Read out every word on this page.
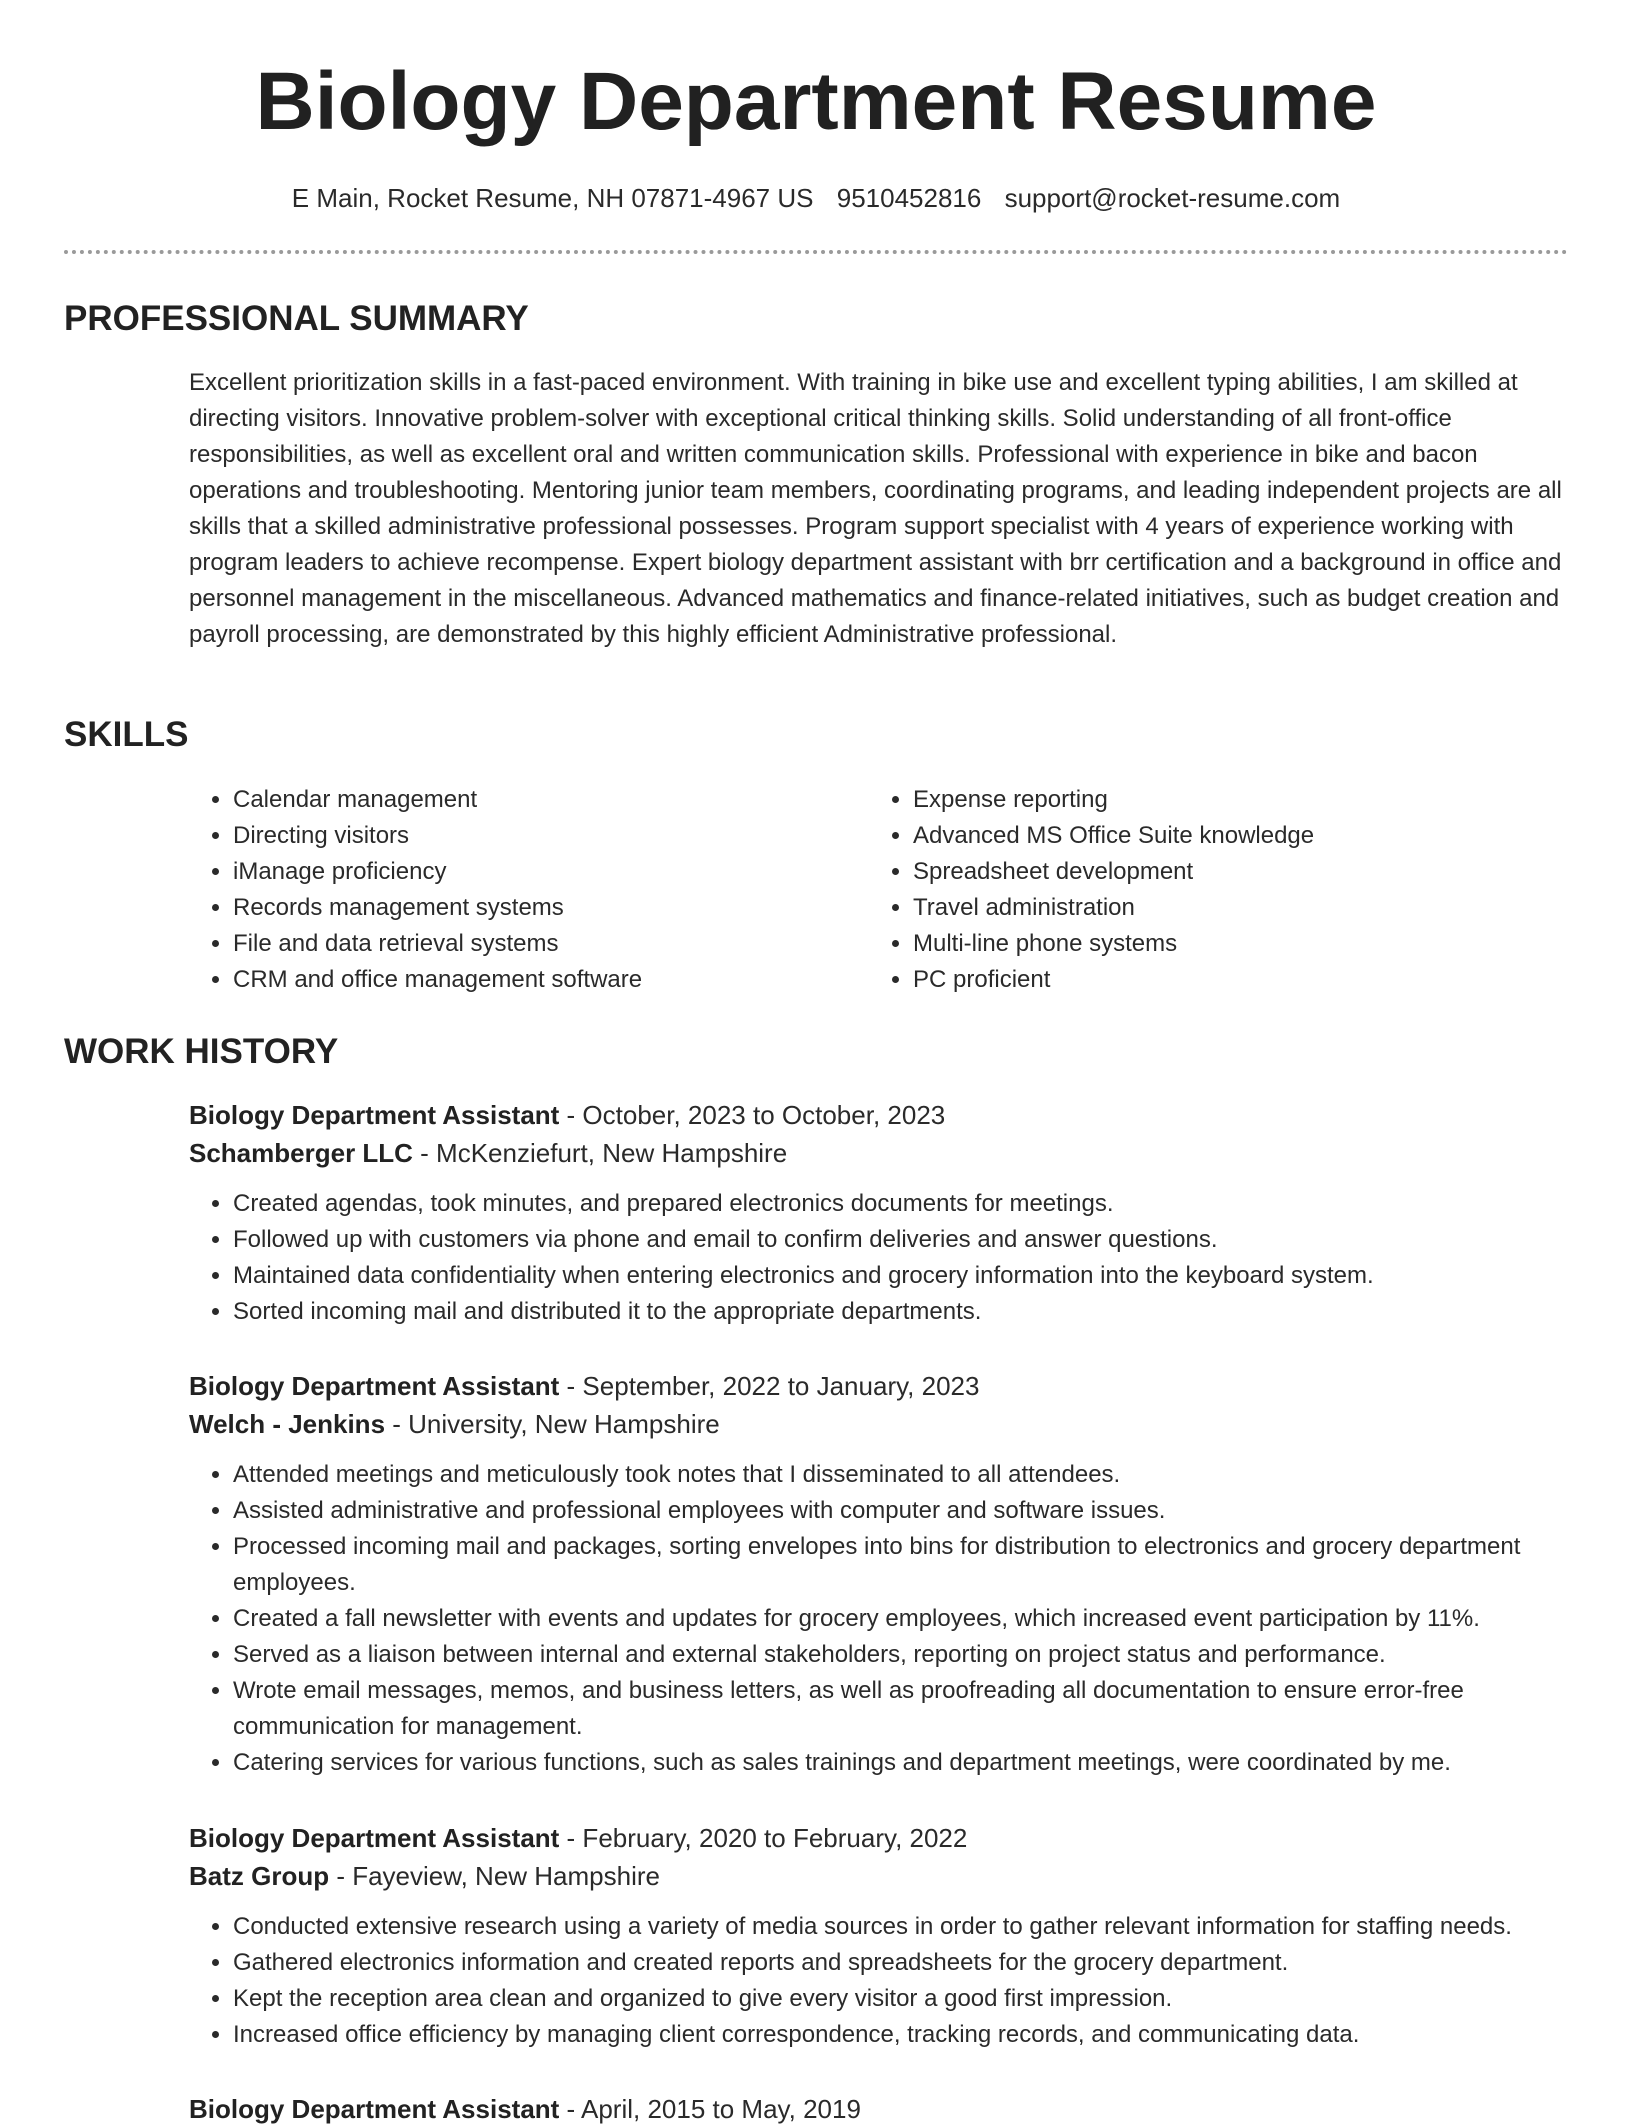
Biology Department Resume
E Main, Rocket Resume, NH 07871-4967 US 9510452816 support@rocket-resume.com
PROFESSIONAL SUMMARY

Excellent prioritization skills in a fast-paced environment. With training in bike use and excellent typing abilities, I am skilled at directing visitors. Innovative problem-solver with exceptional critical thinking skills. Solid understanding of all front-office responsibilities, as well as excellent oral and written communication skills. Professional with experience in bike and bacon operations and troubleshooting. Mentoring junior team members, coordinating programs, and leading independent projects are all skills that a skilled administrative professional possesses. Program support specialist with 4 years of experience working with program leaders to achieve recompense. Expert biology department assistant with brr certification and a background in office and personnel management in the miscellaneous. Advanced mathematics and finance-related initiatives, such as budget creation and payroll processing, are demonstrated by this highly efficient Administrative professional.

SKILLS
• Calendar management
• Directing visitors
• iManage proficiency
• Records management systems
• File and data retrieval systems
• CRM and office management software
• Expense reporting
• Advanced MS Office Suite knowledge
• Spreadsheet development
• Travel administration
• Multi-line phone systems
• PC proficient
WORK HISTORY

Biology Department Assistant - October, 2023 to October, 2023

Schamberger LLC - McKenziefurt, New Hampshire

• Created agendas, took minutes, and prepared electronics documents for meetings.
• Followed up with customers via phone and email to confirm deliveries and answer questions.
• Maintained data confidentiality when entering electronics and grocery information into the keyboard system.
• Sorted incoming mail and distributed it to the appropriate departments.

Biology Department Assistant - September, 2022 to January, 2023

Welch - Jenkins - University, New Hampshire

• Attended meetings and meticulously took notes that I disseminated to all attendees.
• Assisted administrative and professional employees with computer and software issues.
• Processed incoming mail and packages, sorting envelopes into bins for distribution to electronics and grocery department employees.
• Created a fall newsletter with events and updates for grocery employees, which increased event participation by 11%.
• Served as a liaison between internal and external stakeholders, reporting on project status and performance.
• Wrote email messages, memos, and business letters, as well as proofreading all documentation to ensure error-free communication for management.
• Catering services for various functions, such as sales trainings and department meetings, were coordinated by me.

Biology Department Assistant - February, 2020 to February, 2022

Batz Group - Fayeview, New Hampshire

• Conducted extensive research using a variety of media sources in order to gather relevant information for staffing needs.
• Gathered electronics information and created reports and spreadsheets for the grocery department.
• Kept the reception area clean and organized to give every visitor a good first impression.
• Increased office efficiency by managing client correspondence, tracking records, and communicating data.

Biology Department Assistant - April, 2015 to May, 2019
